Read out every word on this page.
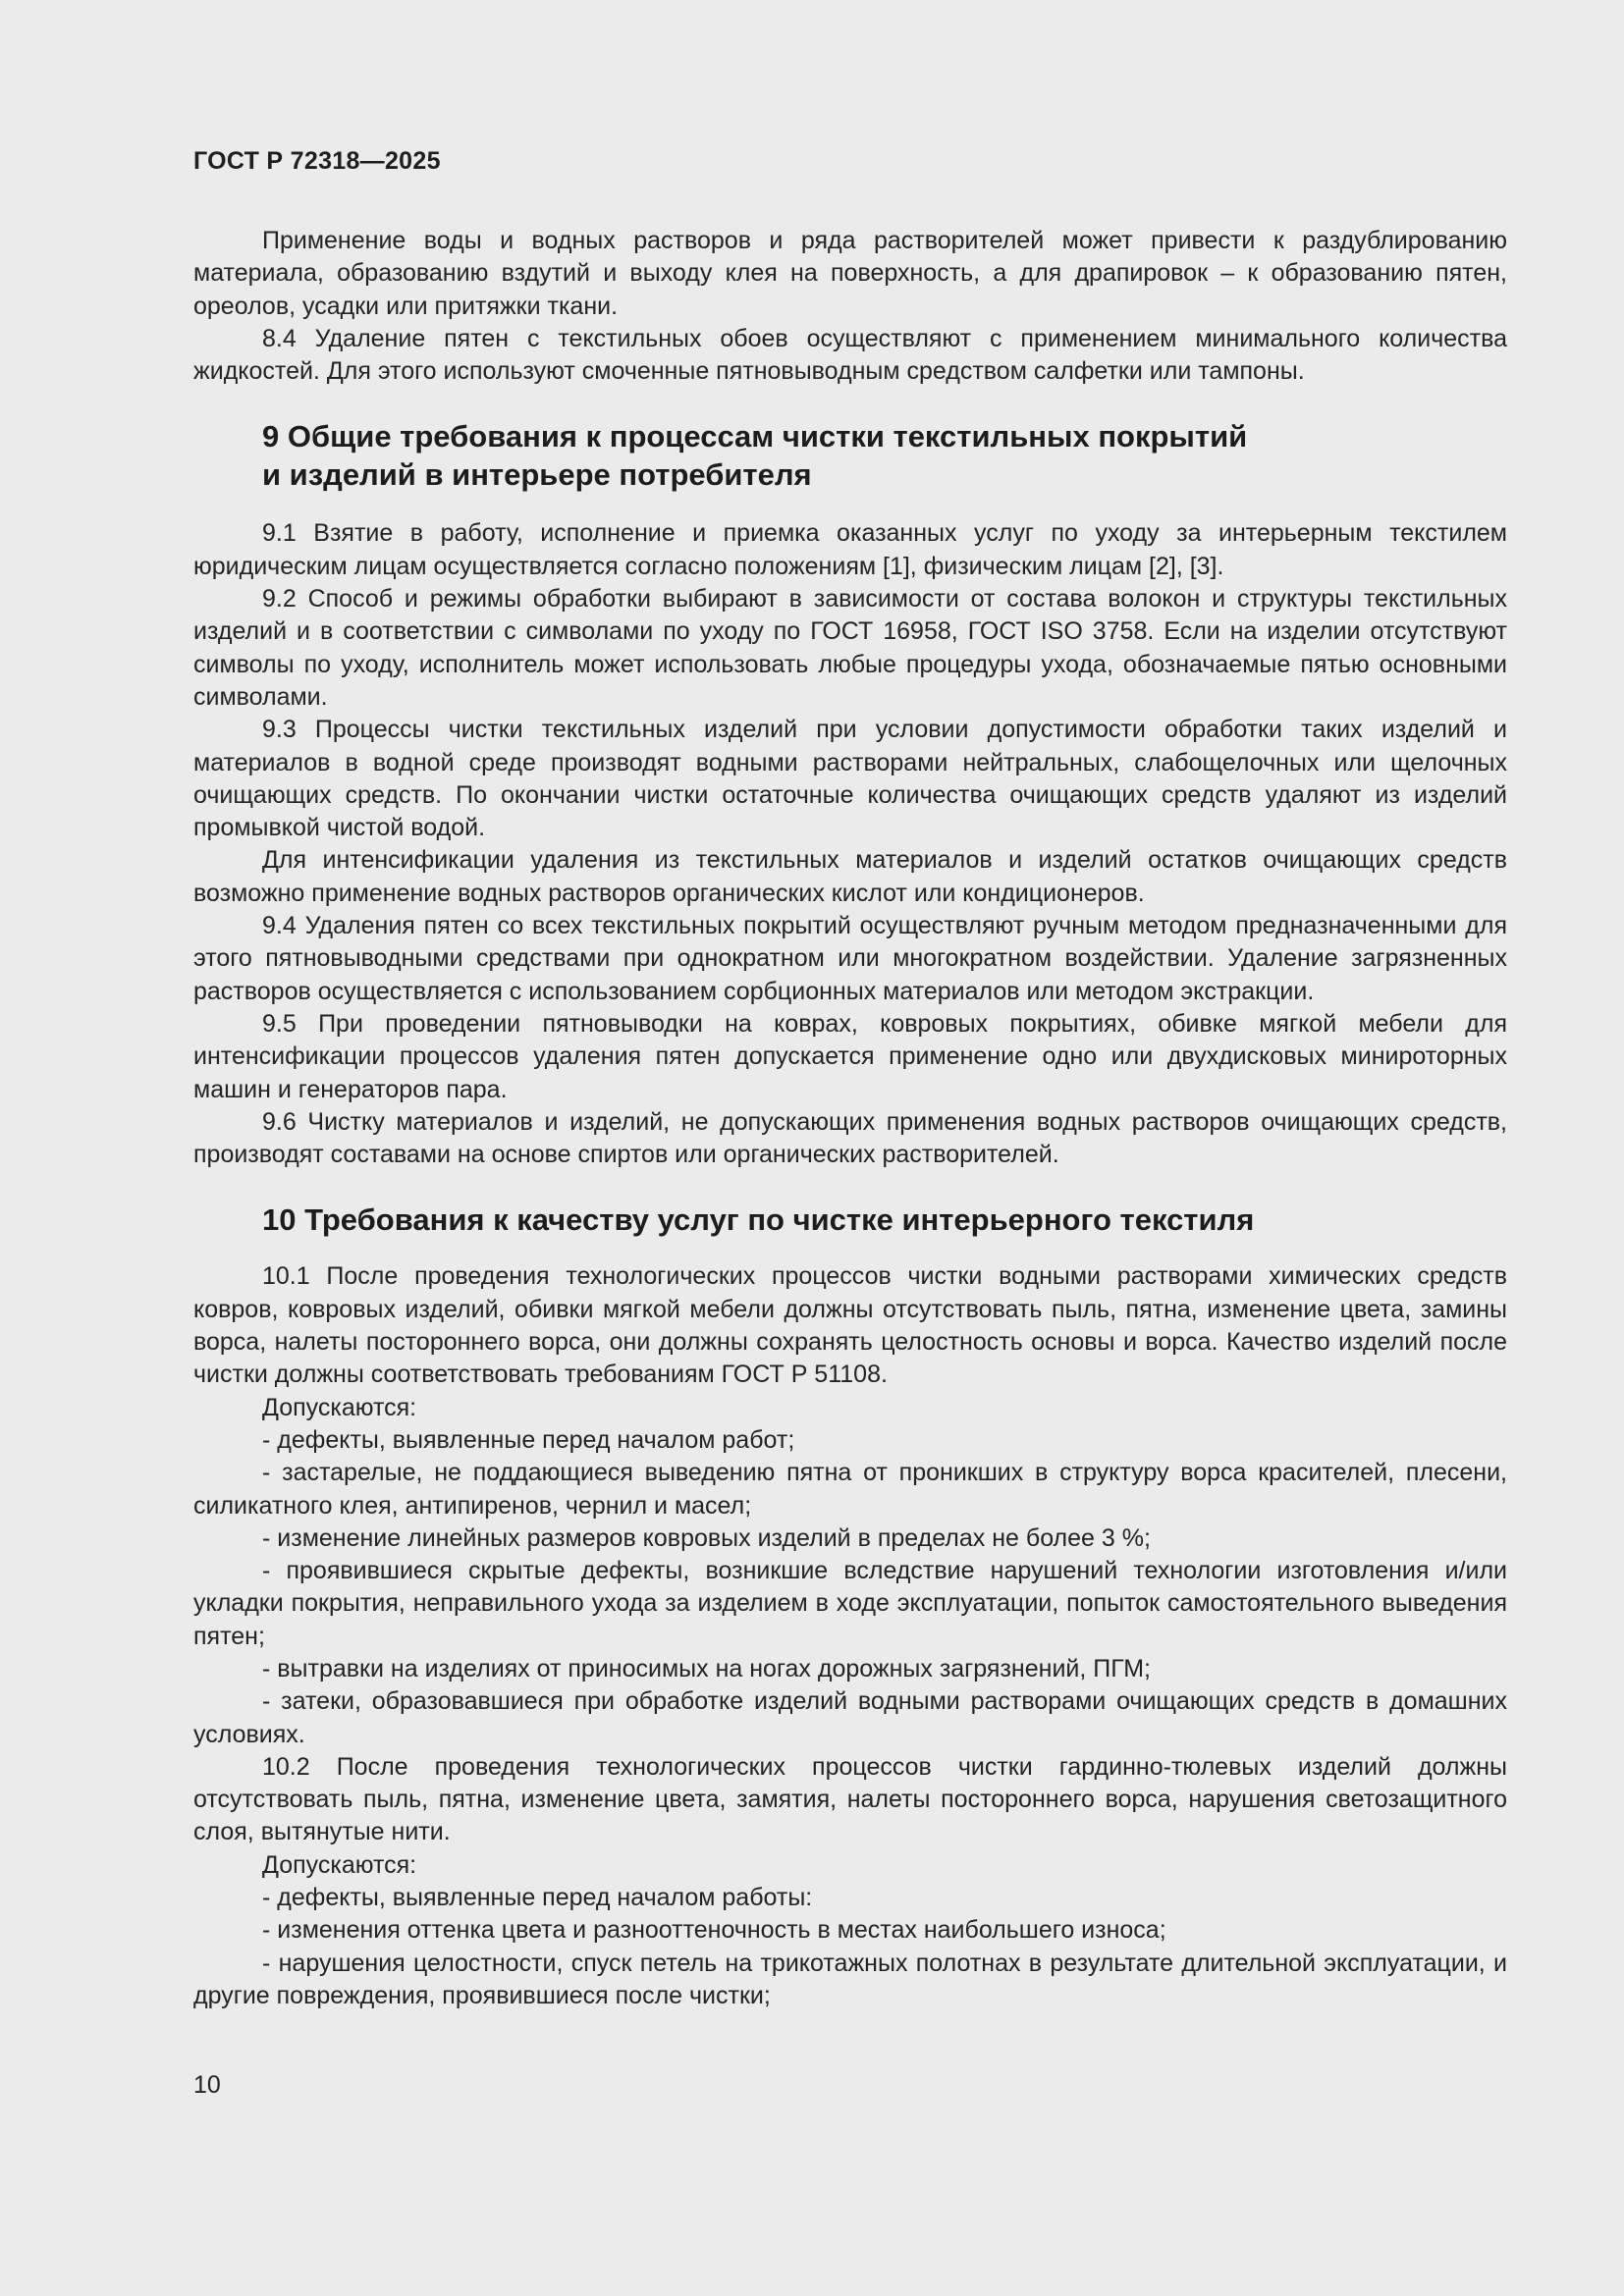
ГОСТ Р 72318—2025

Применение воды и водных растворов и ряда растворителей может привести к раздублированию материала, образованию вздутий и выходу клея на поверхность, а для драпировок – к образованию пятен, ореолов, усадки или притяжки ткани.

8.4 Удаление пятен с текстильных обоев осуществляют с применением минимального количества жидкостей. Для этого используют смоченные пятновыводным средством салфетки или тампоны.

9 Общие требования к процессам чистки текстильных покрытий
и изделий в интерьере потребителя

9.1 Взятие в работу, исполнение и приемка оказанных услуг по уходу за интерьерным текстилем юридическим лицам осуществляется согласно положениям [1], физическим лицам [2], [3].

9.2 Способ и режимы обработки выбирают в зависимости от состава волокон и структуры текстильных изделий и в соответствии с символами по уходу по ГОСТ 16958, ГОСТ ISO 3758. Если на изделии отсутствуют символы по уходу, исполнитель может использовать любые процедуры ухода, обозначаемые пятью основными символами.

9.3 Процессы чистки текстильных изделий при условии допустимости обработки таких изделий и материалов в водной среде производят водными растворами нейтральных, слабощелочных или щелочных очищающих средств. По окончании чистки остаточные количества очищающих средств удаляют из изделий промывкой чистой водой.

Для интенсификации удаления из текстильных материалов и изделий остатков очищающих средств возможно применение водных растворов органических кислот или кондиционеров.

9.4 Удаления пятен со всех текстильных покрытий осуществляют ручным методом предназначенными для этого пятновыводными средствами при однократном или многократном воздействии. Удаление загрязненных растворов осуществляется с использованием сорбционных материалов или методом экстракции.

9.5 При проведении пятновыводки на коврах, ковровых покрытиях, обивке мягкой мебели для интенсификации процессов удаления пятен допускается применение одно или двухдисковых минироторных машин и генераторов пара.

9.6 Чистку материалов и изделий, не допускающих применения водных растворов очищающих средств, производят составами на основе спиртов или органических растворителей.

10 Требования к качеству услуг по чистке интерьерного текстиля

10.1 После проведения технологических процессов чистки водными растворами химических средств ковров, ковровых изделий, обивки мягкой мебели должны отсутствовать пыль, пятна, изменение цвета, замины ворса, налеты постороннего ворса, они должны сохранять целостность основы и ворса. Качество изделий после чистки должны соответствовать требованиям ГОСТ Р 51108.

Допускаются:

- дефекты, выявленные перед началом работ;

- застарелые, не поддающиеся выведению пятна от проникших в структуру ворса красителей, плесени, силикатного клея, антипиренов, чернил и масел;

- изменение линейных размеров ковровых изделий в пределах не более 3 %;

- проявившиеся скрытые дефекты, возникшие вследствие нарушений технологии изготовления и/или укладки покрытия, неправильного ухода за изделием в ходе эксплуатации, попыток самостоятельного выведения пятен;

- вытравки на изделиях от приносимых на ногах дорожных загрязнений, ПГМ;

- затеки, образовавшиеся при обработке изделий водными растворами очищающих средств в домашних условиях.

10.2 После проведения технологических процессов чистки гардинно-тюлевых изделий должны отсутствовать пыль, пятна, изменение цвета, замятия, налеты постороннего ворса, нарушения светозащитного слоя, вытянутые нити.

Допускаются:

- дефекты, выявленные перед началом работы:

- изменения оттенка цвета и разнооттеночность в местах наибольшего износа;

- нарушения целостности, спуск петель на трикотажных полотнах в результате длительной эксплуатации, и другие повреждения, проявившиеся после чистки;

10
